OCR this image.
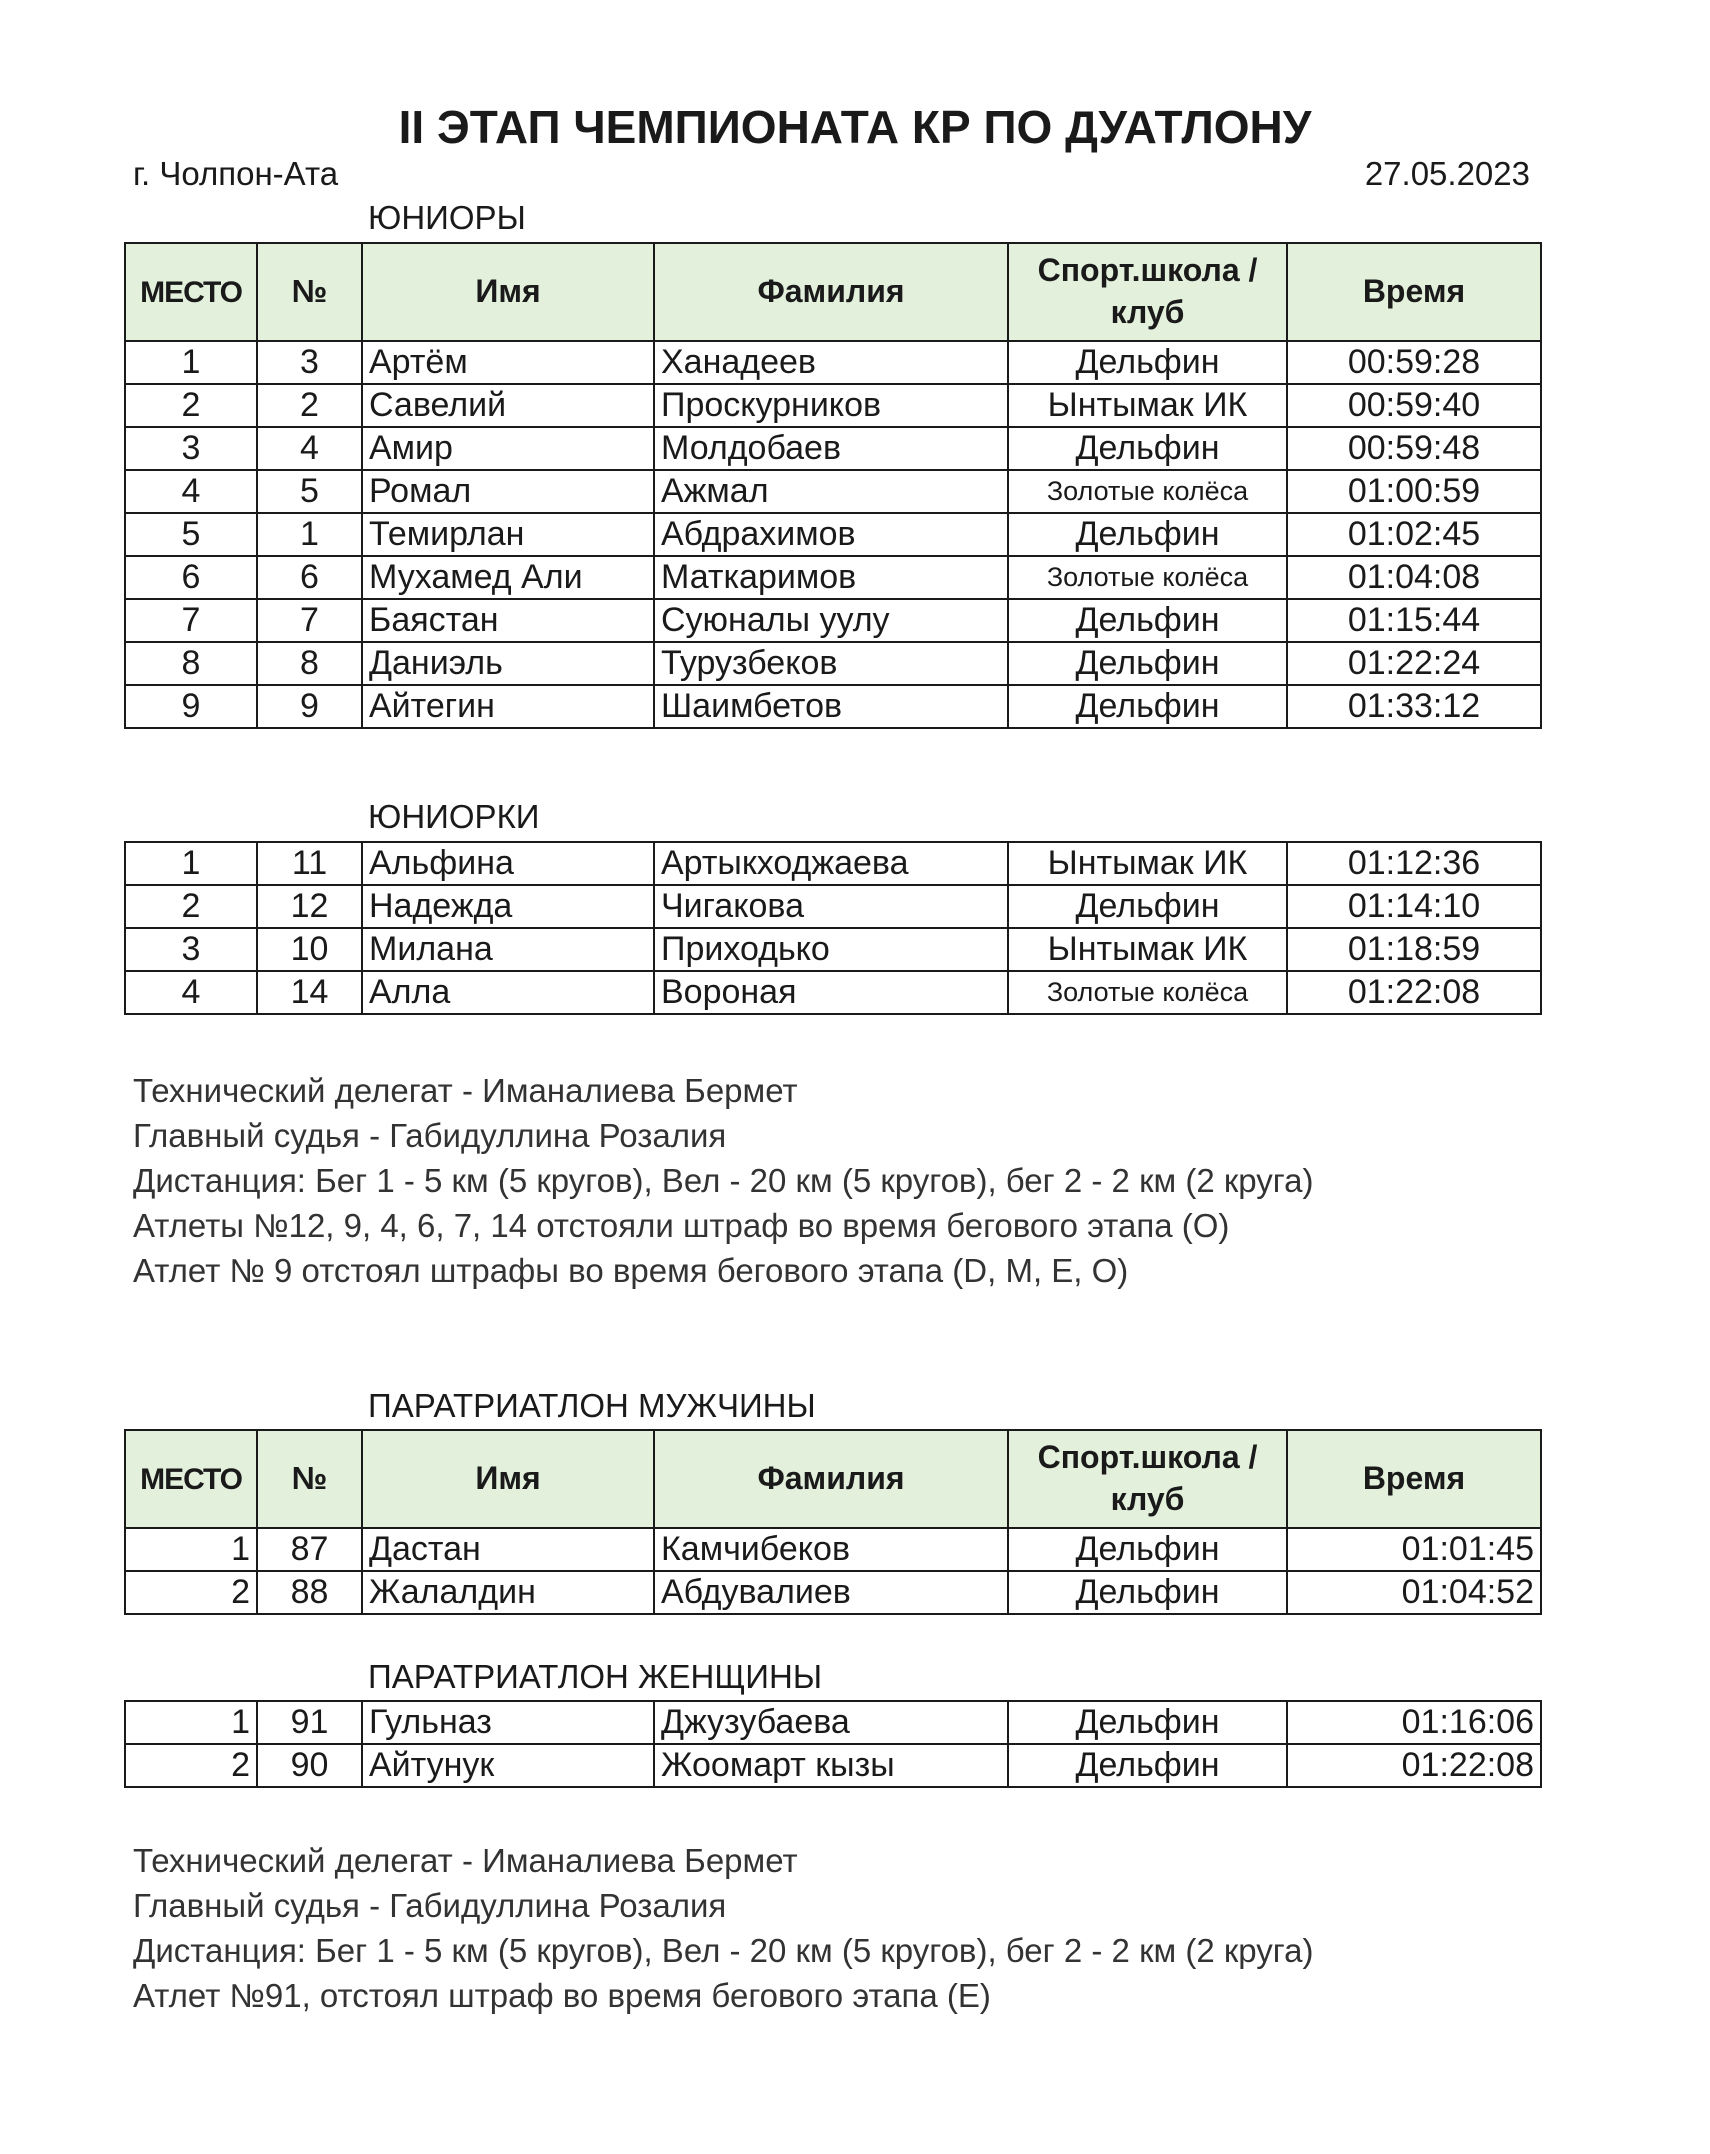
II ЭТАП ЧЕМПИОНАТА КР ПО ДУАТЛОНУ
г. Чолпон-Ата	27.05.2023
ЮНИОРЫ
МЕСТО	№	Имя	Фамилия	Спорт.школа / клуб	Время
1	3	Артём	Ханадеев	Дельфин	00:59:28
2	2	Савелий	Проскурников	Ынтымак ИК	00:59:40
3	4	Амир	Молдобаев	Дельфин	00:59:48
4	5	Ромал	Ажмал	Золотые колёса	01:00:59
5	1	Темирлан	Абдрахимов	Дельфин	01:02:45
6	6	Мухамед Али	Маткаримов	Золотые колёса	01:04:08
7	7	Баястан	Суюналы уулу	Дельфин	01:15:44
8	8	Даниэль	Турузбеков	Дельфин	01:22:24
9	9	Айтегин	Шаимбетов	Дельфин	01:33:12
ЮНИОРКИ
1	11	Альфина	Артыкходжаева	Ынтымак ИК	01:12:36
2	12	Надежда	Чигакова	Дельфин	01:14:10
3	10	Милана	Приходько	Ынтымак ИК	01:18:59
4	14	Алла	Вороная	Золотые колёса	01:22:08
Технический делегат - Иманалиева Бермет
Главный судья - Габидуллина Розалия
Дистанция: Бег 1 - 5 км (5 кругов), Вел - 20 км (5 кругов), бег 2 - 2 км (2 круга)
Атлеты №12, 9, 4, 6, 7, 14 отстояли штраф во время бегового этапа (O)
Атлет № 9 отстоял штрафы во время бегового этапа (D, M, E, O)
ПАРАТРИАТЛОН МУЖЧИНЫ
МЕСТО	№	Имя	Фамилия	Спорт.школа / клуб	Время
1	87	Дастан	Камчибеков	Дельфин	01:01:45
2	88	Жалалдин	Абдувалиев	Дельфин	01:04:52
ПАРАТРИАТЛОН ЖЕНЩИНЫ
1	91	Гульназ	Джузубаева	Дельфин	01:16:06
2	90	Айтунук	Жоомарт кызы	Дельфин	01:22:08
Технический делегат - Иманалиева Бермет
Главный судья - Габидуллина Розалия
Дистанция: Бег 1 - 5 км (5 кругов), Вел - 20 км (5 кругов), бег 2 - 2 км (2 круга)
Атлет №91, отстоял штраф во время бегового этапа (E)
